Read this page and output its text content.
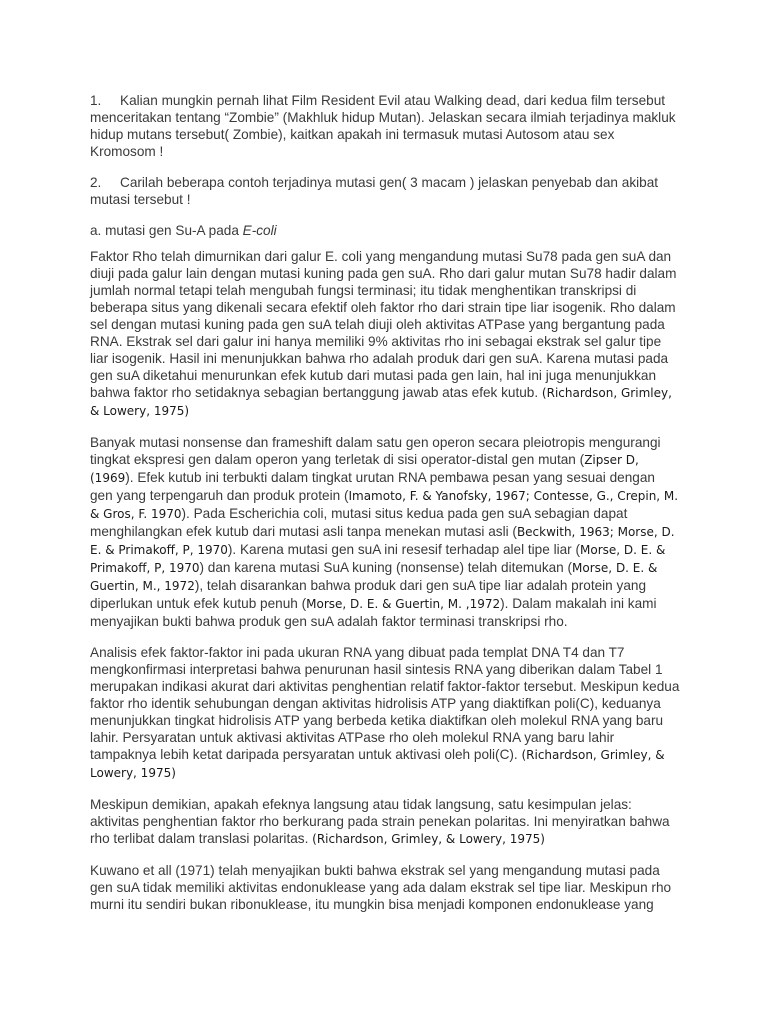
1. Kalian mungkin pernah lihat Film Resident Evil atau Walking dead, dari kedua film tersebut menceritakan tentang “Zombie” (Makhluk hidup Mutan). Jelaskan secara ilmiah terjadinya makluk hidup mutans tersebut( Zombie), kaitkan apakah ini termasuk mutasi Autosom atau sex Kromosom !

2. Carilah beberapa contoh terjadinya mutasi gen( 3 macam ) jelaskan penyebab dan akibat mutasi tersebut !

a. mutasi gen Su-A pada E-coli

Faktor Rho telah dimurnikan dari galur E. coli yang mengandung mutasi Su78 pada gen suA dan diuji pada galur lain dengan mutasi kuning pada gen suA. Rho dari galur mutan Su78 hadir dalam jumlah normal tetapi telah mengubah fungsi terminasi; itu tidak menghentikan transkripsi di beberapa situs yang dikenali secara efektif oleh faktor rho dari strain tipe liar isogenik. Rho dalam sel dengan mutasi kuning pada gen suA telah diuji oleh aktivitas ATPase yang bergantung pada RNA. Ekstrak sel dari galur ini hanya memiliki 9% aktivitas rho ini sebagai ekstrak sel galur tipe liar isogenik. Hasil ini menunjukkan bahwa rho adalah produk dari gen suA. Karena mutasi pada gen suA diketahui menurunkan efek kutub dari mutasi pada gen lain, hal ini juga menunjukkan bahwa faktor rho setidaknya sebagian bertanggung jawab atas efek kutub. (Richardson, Grimley, & Lowery, 1975)

Banyak mutasi nonsense dan frameshift dalam satu gen operon secara pleiotropis mengurangi tingkat ekspresi gen dalam operon yang terletak di sisi operator-distal gen mutan (Zipser D, (1969). Efek kutub ini terbukti dalam tingkat urutan RNA pembawa pesan yang sesuai dengan gen yang terpengaruh dan produk protein (Imamoto, F. & Yanofsky, 1967; Contesse, G., Crepin, M. & Gros, F. 1970). Pada Escherichia coli, mutasi situs kedua pada gen suA sebagian dapat menghilangkan efek kutub dari mutasi asli tanpa menekan mutasi asli (Beckwith, 1963; Morse, D. E. & Primakoff, P, 1970). Karena mutasi gen suA ini resesif terhadap alel tipe liar (Morse, D. E. & Primakoff, P, 1970) dan karena mutasi SuA kuning (nonsense) telah ditemukan (Morse, D. E. & Guertin, M., 1972), telah disarankan bahwa produk dari gen suA tipe liar adalah protein yang diperlukan untuk efek kutub penuh (Morse, D. E. & Guertin, M. ,1972). Dalam makalah ini kami menyajikan bukti bahwa produk gen suA adalah faktor terminasi transkripsi rho.

Analisis efek faktor-faktor ini pada ukuran RNA yang dibuat pada templat DNA T4 dan T7 mengkonfirmasi interpretasi bahwa penurunan hasil sintesis RNA yang diberikan dalam Tabel 1 merupakan indikasi akurat dari aktivitas penghentian relatif faktor-faktor tersebut. Meskipun kedua faktor rho identik sehubungan dengan aktivitas hidrolisis ATP yang diaktifkan poli(C), keduanya menunjukkan tingkat hidrolisis ATP yang berbeda ketika diaktifkan oleh molekul RNA yang baru lahir. Persyaratan untuk aktivasi aktivitas ATPase rho oleh molekul RNA yang baru lahir tampaknya lebih ketat daripada persyaratan untuk aktivasi oleh poli(C). (Richardson, Grimley, & Lowery, 1975)

Meskipun demikian, apakah efeknya langsung atau tidak langsung, satu kesimpulan jelas: aktivitas penghentian faktor rho berkurang pada strain penekan polaritas. Ini menyiratkan bahwa rho terlibat dalam translasi polaritas. (Richardson, Grimley, & Lowery, 1975)

Kuwano et all (1971) telah menyajikan bukti bahwa ekstrak sel yang mengandung mutasi pada gen suA tidak memiliki aktivitas endonuklease yang ada dalam ekstrak sel tipe liar. Meskipun rho murni itu sendiri bukan ribonuklease, itu mungkin bisa menjadi komponen endonuklease yang
